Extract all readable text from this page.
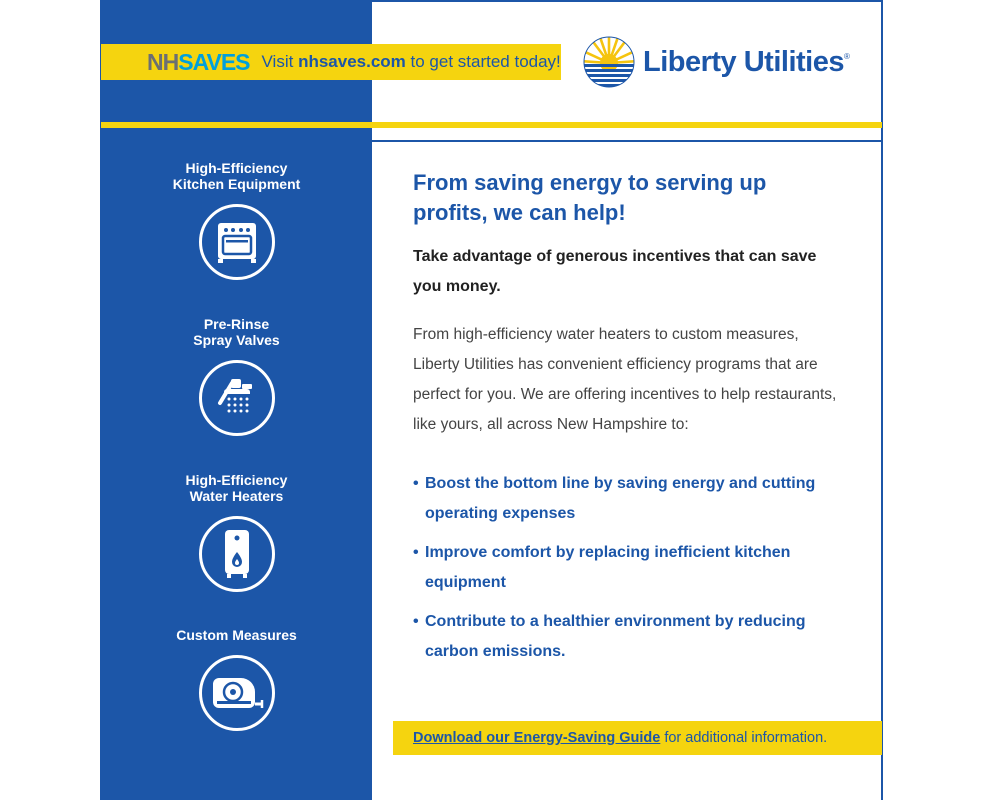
NHSAVES Visit nhsaves.com to get started today!	Liberty Utilities®
High-Efficiency
Kitchen Equipment
Pre-Rinse
Spray Valves
High-Efficiency
Water Heaters
Custom Measures
From saving energy to serving up profits, we can help!
Take advantage of generous incentives that can save you money.
From high-efficiency water heaters to custom measures, Liberty Utilities has convenient efficiency programs that are perfect for you. We are offering incentives to help restaurants, like yours, all across New Hampshire to:
• Boost the bottom line by saving energy and cutting operating expenses
• Improve comfort by replacing inefficient kitchen equipment
• Contribute to a healthier environment by reducing carbon emissions.
Download our Energy-Saving Guide for additional information.
